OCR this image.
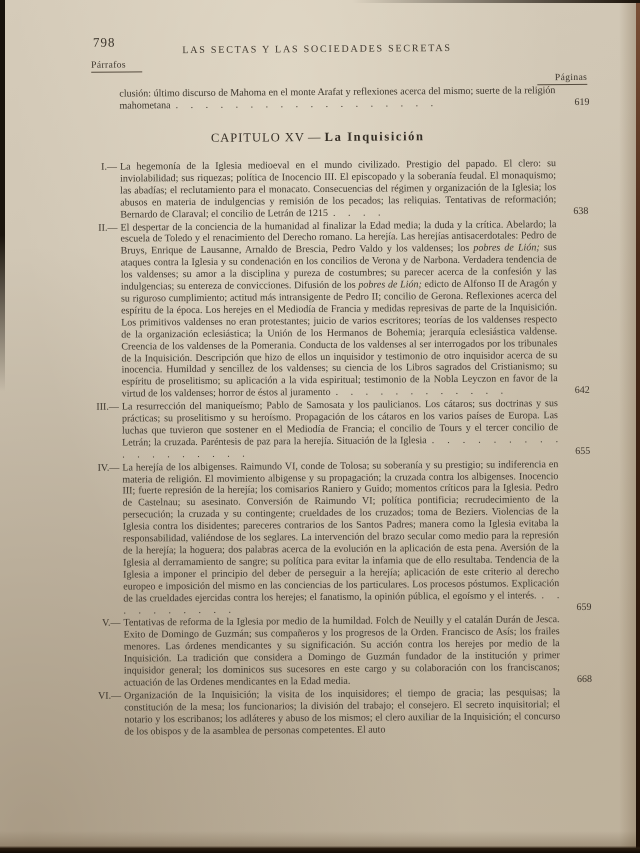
798	LAS SECTAS Y LAS SOCIEDADES SECRETAS
Párrafos
Páginas
clusión: último discurso de Mahoma en el monte Arafat y reflexiones acerca del mismo; suerte de la religión mahometana . . . . . . . . . . . . . . . . . .	619
CAPITULO XV — La Inquisición

I.— La hegemonía de la Iglesia medioeval en el mundo civilizado. Prestigio del papado. El clero: su inviolabilidad; sus riquezas; política de Inocencio III. El episcopado y la soberanía feudal. El monaquismo; las abadías; el reclutamiento para el monacato. Consecuencias del régimen y organización de la Iglesia; los abusos en materia de indulgencias y remisión de los pecados; las reliquias. Tentativas de reformación; Bernardo de Claraval; el concilio de Letrán de 1215 . . . .	638

II.— El despertar de la conciencia de la humanidad al finalizar la Edad media; la duda y la crítica. Abelardo; la escuela de Toledo y el renacimiento del Derecho romano. La herejía. Las herejías antisacerdotales: Pedro de Bruys, Enrique de Lausanne, Arnaldo de Brescia, Pedro Valdo y los valdenses; los pobres de Lión; sus ataques contra la Iglesia y su condenación en los concilios de Verona y de Narbona. Verdadera tendencia de los valdenses; su amor a la disciplina y pureza de costumbres; su parecer acerca de la confesión y las indulgencias; su entereza de convicciones. Difusión de los pobres de Lión; edicto de Alfonso II de Aragón y su riguroso cumplimiento; actitud más intransigente de Pedro II; concilio de Gerona. Reflexiones acerca del espíritu de la época. Los herejes en el Mediodía de Francia y medidas represivas de parte de la Inquisición. Los primitivos valdenses no eran protestantes; juicio de varios escritores; teorías de los valdenses respecto de la organización eclesiástica; la Unión de los Hermanos de Bohemia; jerarquía eclesiástica valdense. Creencia de los valdenses de la Pomerania. Conducta de los valdenses al ser interrogados por los tribunales de la Inquisición. Descripción que hizo de ellos un inquisidor y testimonio de otro inquisidor acerca de su inocencia. Humildad y sencillez de los valdenses; su ciencia de los Libros sagrados del Cristianismo; su espíritu de proselitismo; su aplicación a la vida espiritual; testimonio de la Nobla Leyczon en favor de la virtud de los valdenses; horror de éstos al juramento . . . . . . . . . . . .	642

III.— La resurrección del maniqueísmo; Pablo de Samosata y los paulicianos. Los cátaros; sus doctrinas y sus prácticas; su proselitismo y su heroísmo. Propagación de los cátaros en los varios países de Europa. Las luchas que tuvieron que sostener en el Mediodía de Francia; el concilio de Tours y el tercer concilio de Letrán; la cruzada. Paréntesis de paz para la herejía. Situación de la Iglesia . . . . . . . . . . . . . . . . . .	655

IV.— La herejía de los albigenses. Raimundo VI, conde de Tolosa; su soberanía y su prestigio; su indiferencia en materia de religión. El movimiento albigense y su propagación; la cruzada contra los albigenses. Inocencio III; fuerte represión de la herejía; los comisarios Raniero y Guido; momentos críticos para la Iglesia. Pedro de Castelnau; su asesinato. Conversión de Raimundo VI; política pontificia; recrudecimiento de la persecución; la cruzada y su contingente; crueldades de los cruzados; toma de Beziers. Violencias de la Iglesia contra los disidentes; pareceres contrarios de los Santos Padres; manera como la Iglesia evitaba la responsabilidad, valiéndose de los seglares. La intervención del brazo secular como medio para la represión de la herejía; la hoguera; dos palabras acerca de la evolución en la aplicación de esta pena. Aversión de la Iglesia al derramamiento de sangre; su política para evitar la infamia que de ello resultaba. Tendencia de la Iglesia a imponer el principio del deber de perseguir a la herejía; aplicación de este criterio al derecho europeo e imposición del mismo en las conciencias de los particulares. Los procesos póstumos. Explicación de las crueldades ejercidas contra los herejes; el fanatismo, la opinión pública, el egoísmo y el interés. . . . . . . . . . .	659

V.— Tentativas de reforma de la Iglesia por medio de la humildad. Folch de Neuilly y el catalán Durán de Jesca. Exito de Domingo de Guzmán; sus compañeros y los progresos de la Orden. Francisco de Asís; los frailes menores. Las órdenes mendicantes y su significación. Su acción contra los herejes por medio de la Inquisición. La tradición que considera a Domingo de Guzmán fundador de la institución y primer inquisidor general; los dominicos sus sucesores en este cargo y su colaboración con los franciscanos; actuación de las Ordenes mendicantes en la Edad media.	668

VI.— Organización de la Inquisición; la visita de los inquisidores; el tiempo de gracia; las pesquisas; la constitución de la mesa; los funcionarios; la división del trabajo; el consejero. El secreto inquisitorial; el notario y los escribanos; los adláteres y abuso de los mismos; el clero auxiliar de la Inquisición; el concurso de los obispos y de la asamblea de personas competentes. El auto
